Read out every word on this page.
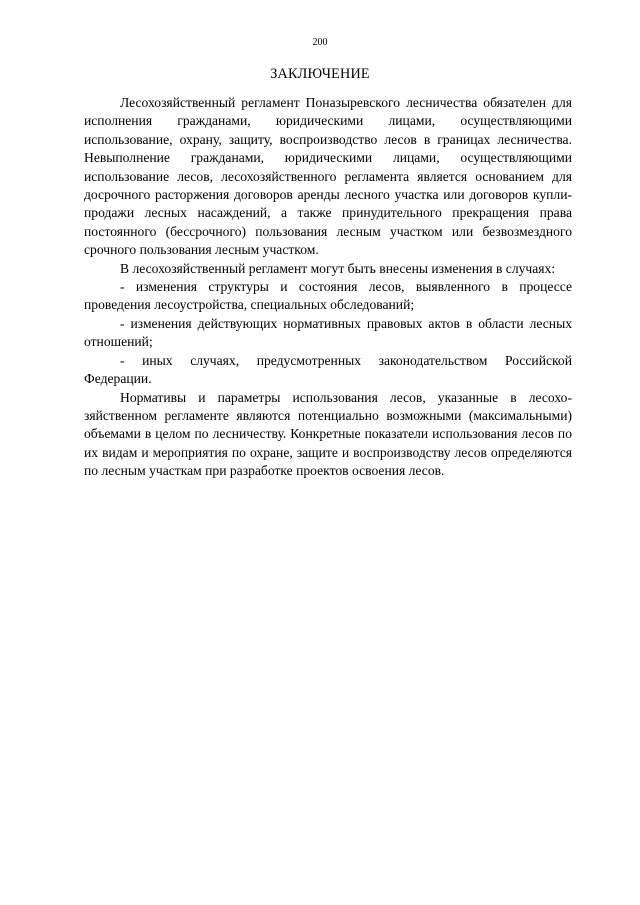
200
ЗАКЛЮЧЕНИЕ

Лесохозяйственный регламент Поназыревского лесничества обязателен для исполнения гражданами, юридическими лицами, осуществляющими использование, охрану, защиту, воспроизводство лесов в границах лесничества. Невыполнение гражданами, юридическими лицами, осуществляющими использование лесов, лесохозяйственного регламента является основанием для досрочного расторжения договоров аренды лесного участка или договоров купли-продажи лесных насаждений, а также принудительного прекращения права постоянного (бессрочного) пользования лесным участком или безвозмездного срочного пользования лесным участком.

В лесохозяйственный регламент могут быть внесены изменения в случаях:

- изменения структуры и состояния лесов, выявленного в процессе проведения лесоустройства, специальных обследований;

- изменения действующих нормативных правовых актов в области лесных отношений;

- иных случаях, предусмотренных законодательством Российской Федерации.

Нормативы и параметры использования лесов, указанные в лесохозяйственном регламенте являются потенциально возможными (максимальными) объемами в целом по лесничеству. Конкретные показатели использования лесов по их видам и мероприятия по охране, защите и воспроизводству лесов определяются по лесным участкам при разработке проектов освоения лесов.
